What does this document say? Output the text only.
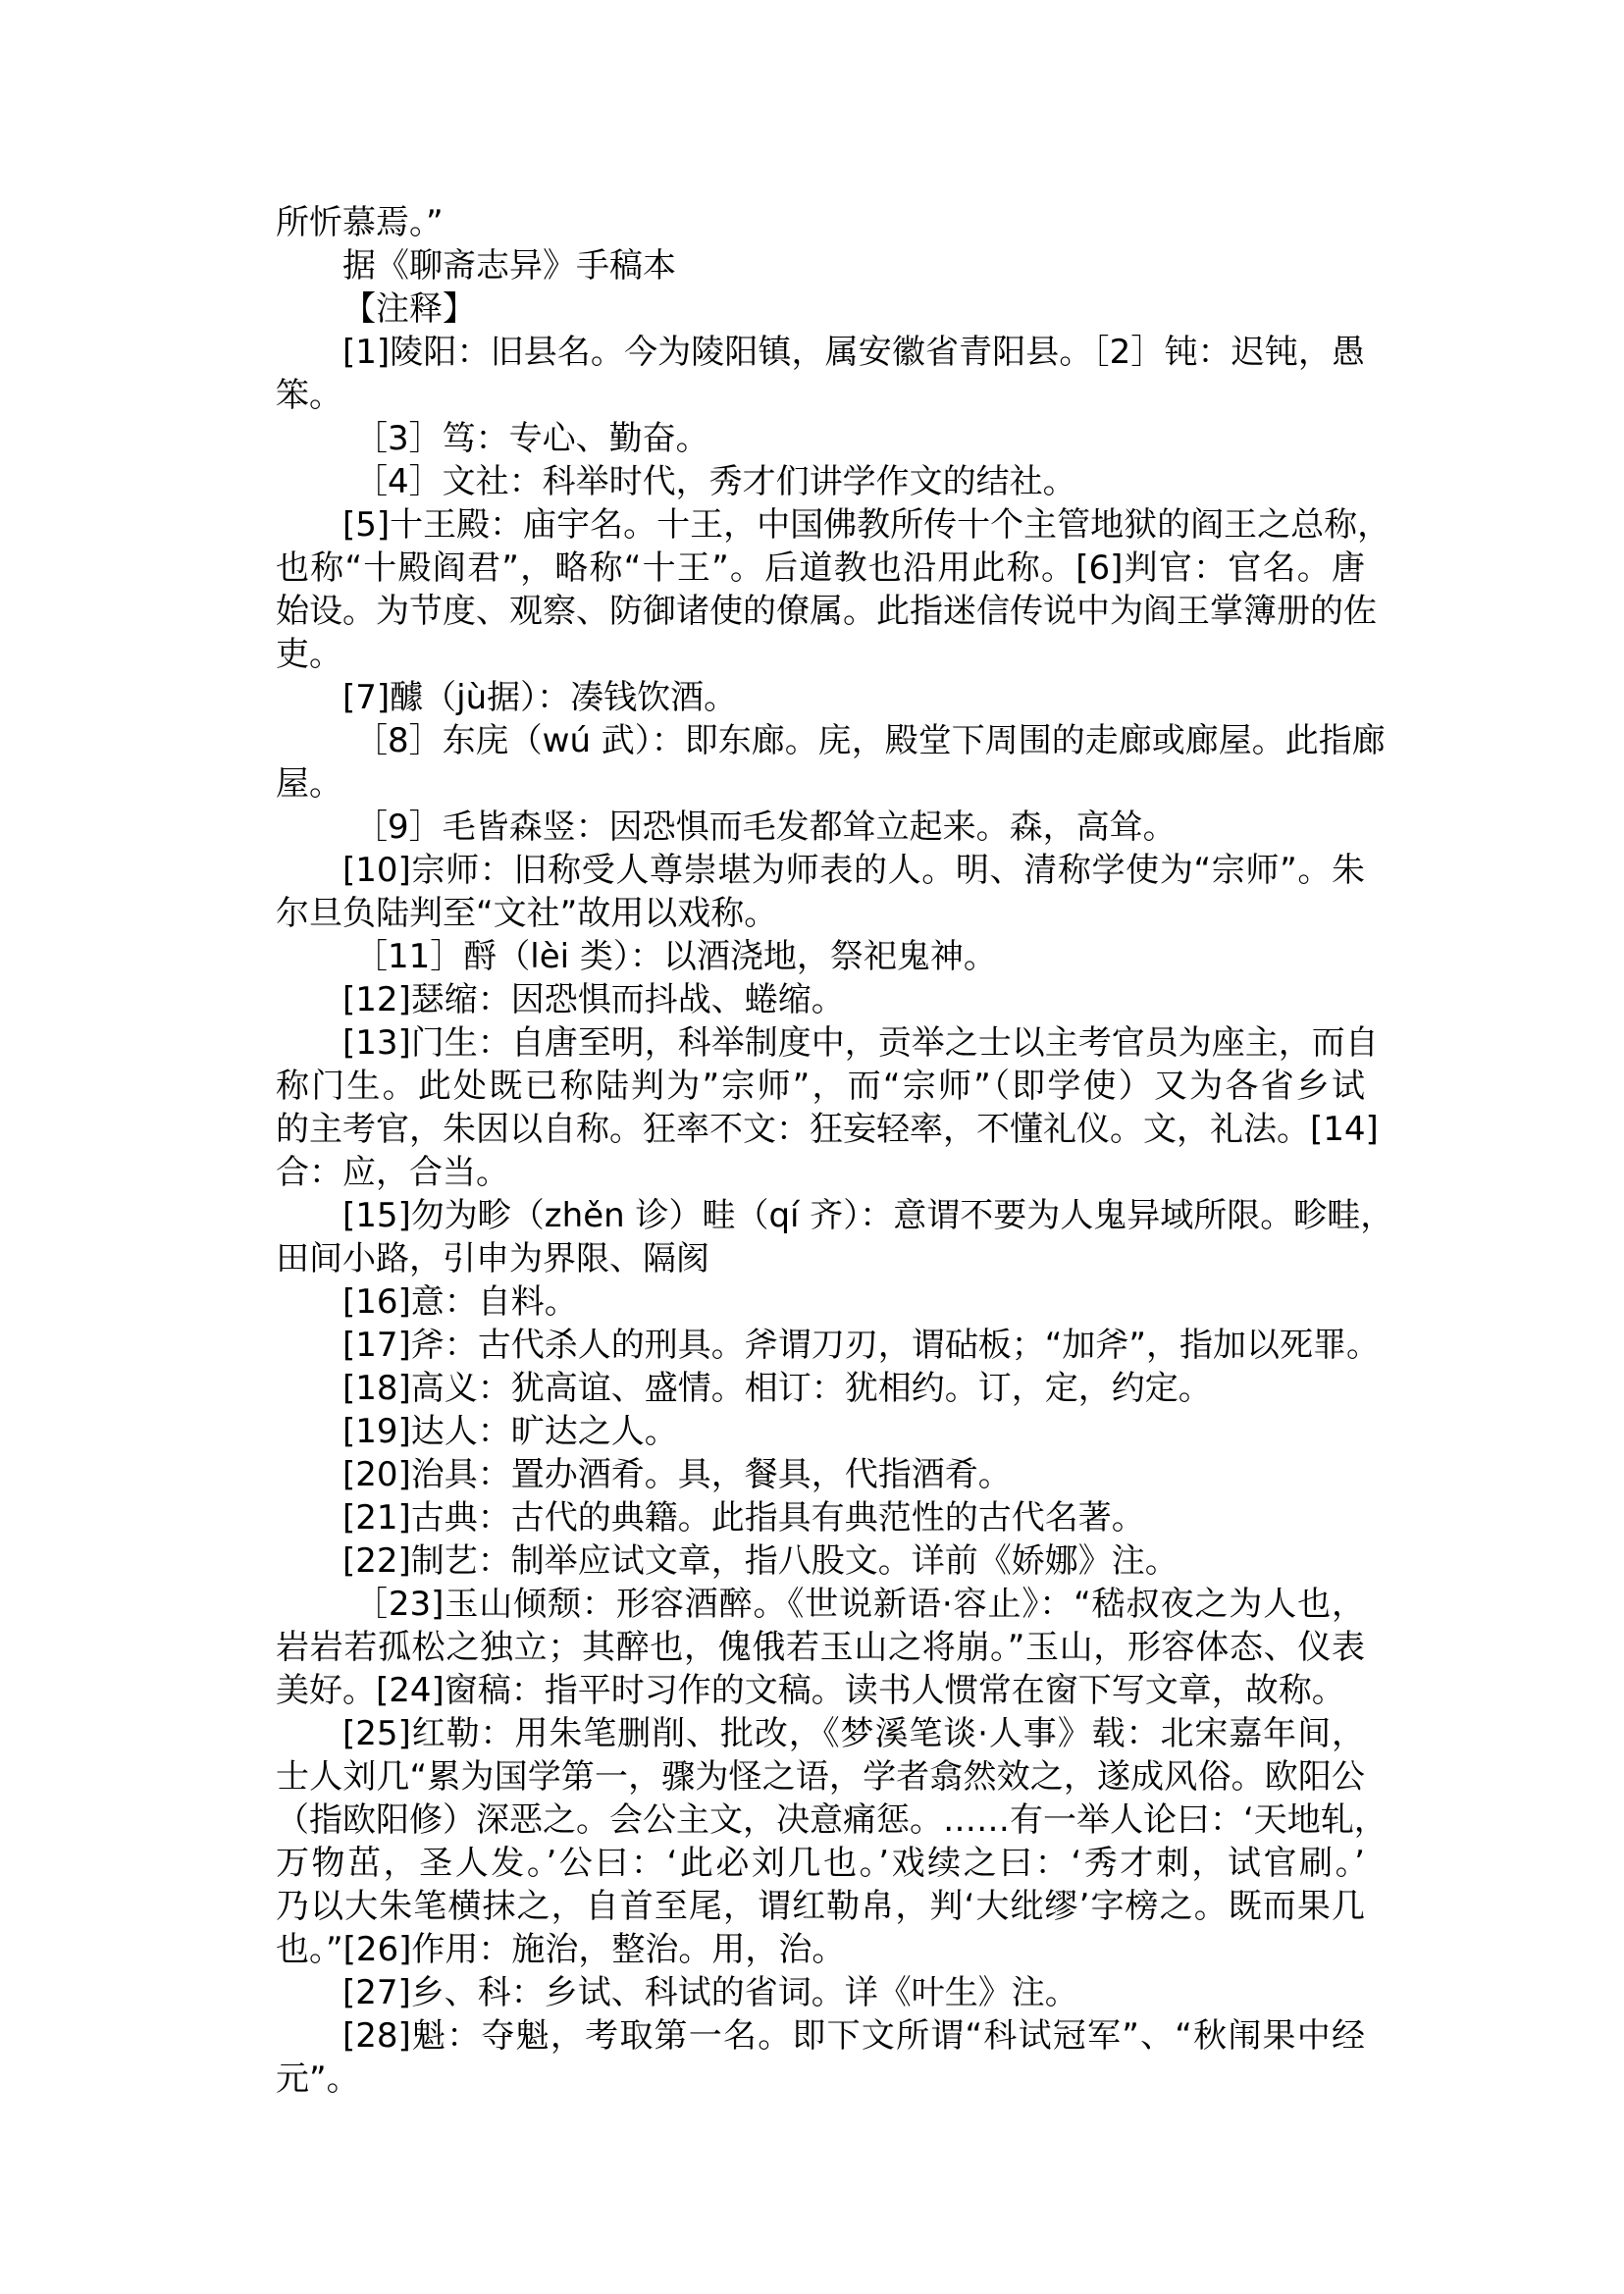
所忻慕焉。”
据《聊斋志异》手稿本
【注释】
[1]陵阳：旧县名。今为陵阳镇，属安徽省青阳县。［2］钝：迟钝，愚
笨。
［3］笃：专心、勤奋。
［4］文社：科举时代，秀才们讲学作文的结社。
[5]十王殿：庙宇名。十王，中国佛教所传十个主管地狱的阎王之总称，
也称“十殿阎君”，略称“十王”。后道教也沿用此称。[6]判官：官名。唐
始设。为节度、观察、防御诸使的僚属。此指迷信传说中为阎王掌簿册的佐
吏。
[7]醵（jù据）：凑钱饮酒。
［8］东庑（wú 武）：即东廊。庑，殿堂下周围的走廊或廊屋。此指廊
屋。
［9］毛皆森竖：因恐惧而毛发都耸立起来。森，高耸。
[10]宗师：旧称受人尊崇堪为师表的人。明、清称学使为“宗师”。朱
尔旦负陆判至“文社”故用以戏称。
［11］酹（lèi 类）：以酒浇地，祭祀鬼神。
[12]瑟缩：因恐惧而抖战、蜷缩。
[13]门生：自唐至明，科举制度中，贡举之士以主考官员为座主，而自
称门生。此处既已称陆判为”宗师”，而“宗师”（即学使）又为各省乡试
的主考官，朱因以自称。狂率不文：狂妄轻率，不懂礼仪。文，礼法。[14]
合：应，合当。
[15]勿为畛（zhěn 诊）畦（qí 齐）：意谓不要为人鬼异域所限。畛畦，
田间小路，引申为界限、隔阂
[16]意：自料。
[17]斧：古代杀人的刑具。斧谓刀刃，谓砧板；“加斧”，指加以死罪。
[18]高义：犹高谊、盛情。相订：犹相约。订，定，约定。
[19]达人：旷达之人。
[20]治具：置办酒肴。具，餐具，代指酒肴。
[21]古典：古代的典籍。此指具有典范性的古代名著。
[22]制艺：制举应试文章，指八股文。详前《娇娜》注。
［23]玉山倾颓：形容酒醉。《世说新语·容止》：“嵇叔夜之为人也，
岩岩若孤松之独立；其醉也，傀俄若玉山之将崩。”玉山，形容体态、仪表
美好。[24]窗稿：指平时习作的文稿。读书人惯常在窗下写文章，故称。
[25]红勒：用朱笔删削、批改，《梦溪笔谈·人事》载：北宋嘉年间，
士人刘几“累为国学第一，骤为怪之语，学者翕然效之，遂成风俗。欧阳公
（指欧阳修）深恶之。会公主文，决意痛惩。……有一举人论曰：‘天地轧，
万物茁，圣人发。’公曰：‘此必刘几也。’戏续之曰：‘秀才刺，试官刷。’
乃以大朱笔横抹之，自首至尾，谓红勒帛，判‘大纰缪’字榜之。既而果几
也。”[26]作用：施治，整治。用，治。
[27]乡、科：乡试、科试的省词。详《叶生》注。
[28]魁：夺魁，考取第一名。即下文所谓“科试冠军”、“秋闱果中经
元”。
